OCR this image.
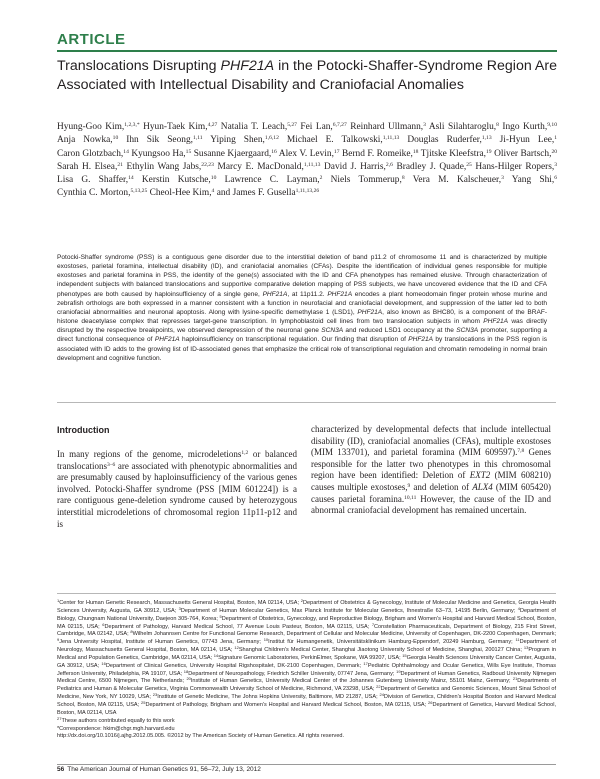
ARTICLE
Translocations Disrupting PHF21A in the Potocki-Shaffer-Syndrome Region Are Associated with Intellectual Disability and Craniofacial Anomalies
Hyung-Goo Kim,$^{1,2,3,*}$ Hyun-Taek Kim,$^{4,27}$ Natalia T. Leach,$^{5,27}$ Fei Lan,$^{6,7,27}$ Reinhard Ullmann,$^3$ Asli Silahtaroglu,$^8$ Ingo Kurth,$^{9,10}$ Anja Nowka,$^{10}$ Ihn Sik Seong,$^{1,11}$ Yiping Shen,$^{1,6,12}$ Michael E. Talkowski,$^{1,11,13}$ Douglas Ruderfer,$^{1,13}$ Ji-Hyun Lee,$^1$ Caron Glotzbach,$^{14}$ Kyungsoo Ha,$^{15}$ Susanne Kjaergaard,$^{16}$ Alex V. Levin,$^{17}$ Bernd F. Romeike,$^{18}$ Tjitske Kleefstra,$^{19}$ Oliver Bartsch,$^{20}$ Sarah H. Elsea,$^{21}$ Ethylin Wang Jabs,$^{22,23}$ Marcy E. MacDonald,$^{1,11,13}$ David J. Harris,$^{2,6}$ Bradley J. Quade,$^{25}$ Hans-Hilger Ropers,$^3$ Lisa G. Shaffer,$^{14}$ Kerstin Kutsche,$^{10}$ Lawrence C. Layman,$^2$ Niels Tommerup,$^8$ Vera M. Kalscheuer,$^3$ Yang Shi,$^6$ Cynthia C. Morton,$^{5,13,25}$ Cheol-Hee Kim,$^4$ and James F. Gusella$^{1,11,13,26}$

Potocki-Shaffer syndrome (PSS) is a contiguous gene disorder due to the interstitial deletion of band p11.2 of chromosome 11 and is characterized by multiple exostoses, parietal foramina, intellectual disability (ID), and craniofacial anomalies (CFAs). Despite the identification of individual genes responsible for multiple exostoses and parietal foramina in PSS, the identity of the gene(s) associated with the ID and CFA phenotypes has remained elusive. Through characterization of independent subjects with balanced translocations and supportive comparative deletion mapping of PSS subjects, we have uncovered evidence that the ID and CFA phenotypes are both caused by haploinsufficiency of a single gene, PHF21A, at 11p11.2. PHF21A encodes a plant homeodomain finger protein whose murine and zebrafish orthologs are both expressed in a manner consistent with a function in neurofacial and craniofacial development, and suppression of the latter led to both craniofacial abnormalities and neuronal apoptosis. Along with lysine-specific demethylase 1 (LSD1), PHF21A, also known as BHC80, is a component of the BRAF-histone deacetylase complex that represses target-gene transcription. In lymphoblastoid cell lines from two translocation subjects in whom PHF21A was directly disrupted by the respective breakpoints, we observed derepression of the neuronal gene SCN3A and reduced LSD1 occupancy at the SCN3A promoter, supporting a direct functional consequence of PHF21A haploinsufficiency on transcriptional regulation. Our finding that disruption of PHF21A by translocations in the PSS region is associated with ID adds to the growing list of ID-associated genes that emphasize the critical role of transcriptional regulation and chromatin remodeling in normal brain development and cognitive function.

Introduction

In many regions of the genome, microdeletions$^{1,2}$ or balanced translocations$^{3-6}$ are associated with phenotypic abnormalities and are presumably caused by haploinsufficiency of the various genes involved. Potocki-Shaffer syndrome (PSS [MIM 601224]) is a rare contiguous gene-deletion syndrome caused by heterozygous interstitial microdeletions of chromosomal region 11p11-p12 and is

characterized by developmental defects that include intellectual disability (ID), craniofacial anomalies (CFAs), multiple exostoses (MIM 133701), and parietal foramina (MIM 609597).$^{7,8}$ Genes responsible for the latter two phenotypes in this chromosomal region have been identified: Deletion of EXT2 (MIM 608210) causes multiple exostoses,$^9$ and deletion of ALX4 (MIM 605420) causes parietal foramina.$^{10,11}$ However, the cause of the ID and abnormal craniofacial development has remained uncertain.

$^1$Center for Human Genetic Research, Massachusetts General Hospital, Boston, MA 02114, USA; $^2$Department of Obstetrics & Gynecology, Institute of Molecular Medicine and Genetics, Georgia Health Sciences University, Augusta, GA 30912, USA; $^3$Department of Human Molecular Genetics, Max Planck Institute for Molecular Genetics, Ihnestraße 63–73, 14195 Berlin, Germany; $^4$Department of Biology, Chungnam National University, Daejeon 305-764, Korea; $^5$Department of Obstetrics, Gynecology, and Reproductive Biology, Brigham and Women's Hospital and Harvard Medical School, Boston, MA 02115, USA; $^6$Department of Pathology, Harvard Medical School, 77 Avenue Louis Pasteur, Boston, MA 02115, USA; $^7$Constellation Pharmaceuticals, Department of Biology, 215 First Street, Cambridge, MA 02142, USA; $^8$Wilhelm Johannsen Centre for Functional Genome Research, Department of Cellular and Molecular Medicine, University of Copenhagen, DK-2200 Copenhagen, Denmark; $^9$Jena University Hospital, Institute of Human Genetics, 07743 Jena, Germany; $^{10}$Institut für Humangenetik, Universitätsklinikum Hamburg-Eppendorf, 20249 Hamburg, Germany; $^{11}$Department of Neurology, Massachusetts General Hospital, Boston, MA 02114, USA; $^{12}$Shanghai Children's Medical Center, Shanghai Jiaotong University School of Medicine, Shanghai, 200127 China; $^{13}$Program in Medical and Population Genetics, Cambridge, MA 02114, USA; $^{14}$Signature Genomic Laboratories, PerkinElmer, Spokane, WA 99207, USA; $^{15}$Georgia Health Sciences University Cancer Center, Augusta, GA 30912, USA; $^{16}$Department of Clinical Genetics, University Hospital Rigshospitalet, DK-2100 Copenhagen, Denmark; $^{17}$Pediatric Ophthalmology and Ocular Genetics, Wills Eye Institute, Thomas Jefferson University, Philadelphia, PA 19107, USA; $^{18}$Department of Neuropathology, Friedrich Schiller University, 07747 Jena, Germany; $^{19}$Department of Human Genetics, Radboud University Nijmegen Medical Centre, 6500 Nijmegen, The Netherlands; $^{20}$Institute of Human Genetics, University Medical Center of the Johannes Gutenberg University Mainz, 55101 Mainz, Germany; $^{21}$Departments of Pediatrics and Human & Molecular Genetics, Virginia Commonwealth University School of Medicine, Richmond, VA 23298, USA; $^{22}$Department of Genetics and Genomic Sciences, Mount Sinai School of Medicine, New York, NY 10029, USA; $^{23}$Institute of Genetic Medicine, The Johns Hopkins University, Baltimore, MD 21287, USA; $^{24}$Division of Genetics, Children's Hospital Boston and Harvard Medical School, Boston, MA 02115, USA; $^{25}$Department of Pathology, Brigham and Women's Hospital and Harvard Medical School, Boston, MA 02115, USA; $^{26}$Department of Genetics, Harvard Medical School, Boston, MA 02114, USA
$^{27}$These authors contributed equally to this work
*Correspondence: hkim@chgr.mgh.harvard.edu
http://dx.doi.org/10.1016/j.ajhg.2012.05.005. ©2012 by The American Society of Human Genetics. All rights reserved.

56 The American Journal of Human Genetics 91, 56–72, July 13, 2012
